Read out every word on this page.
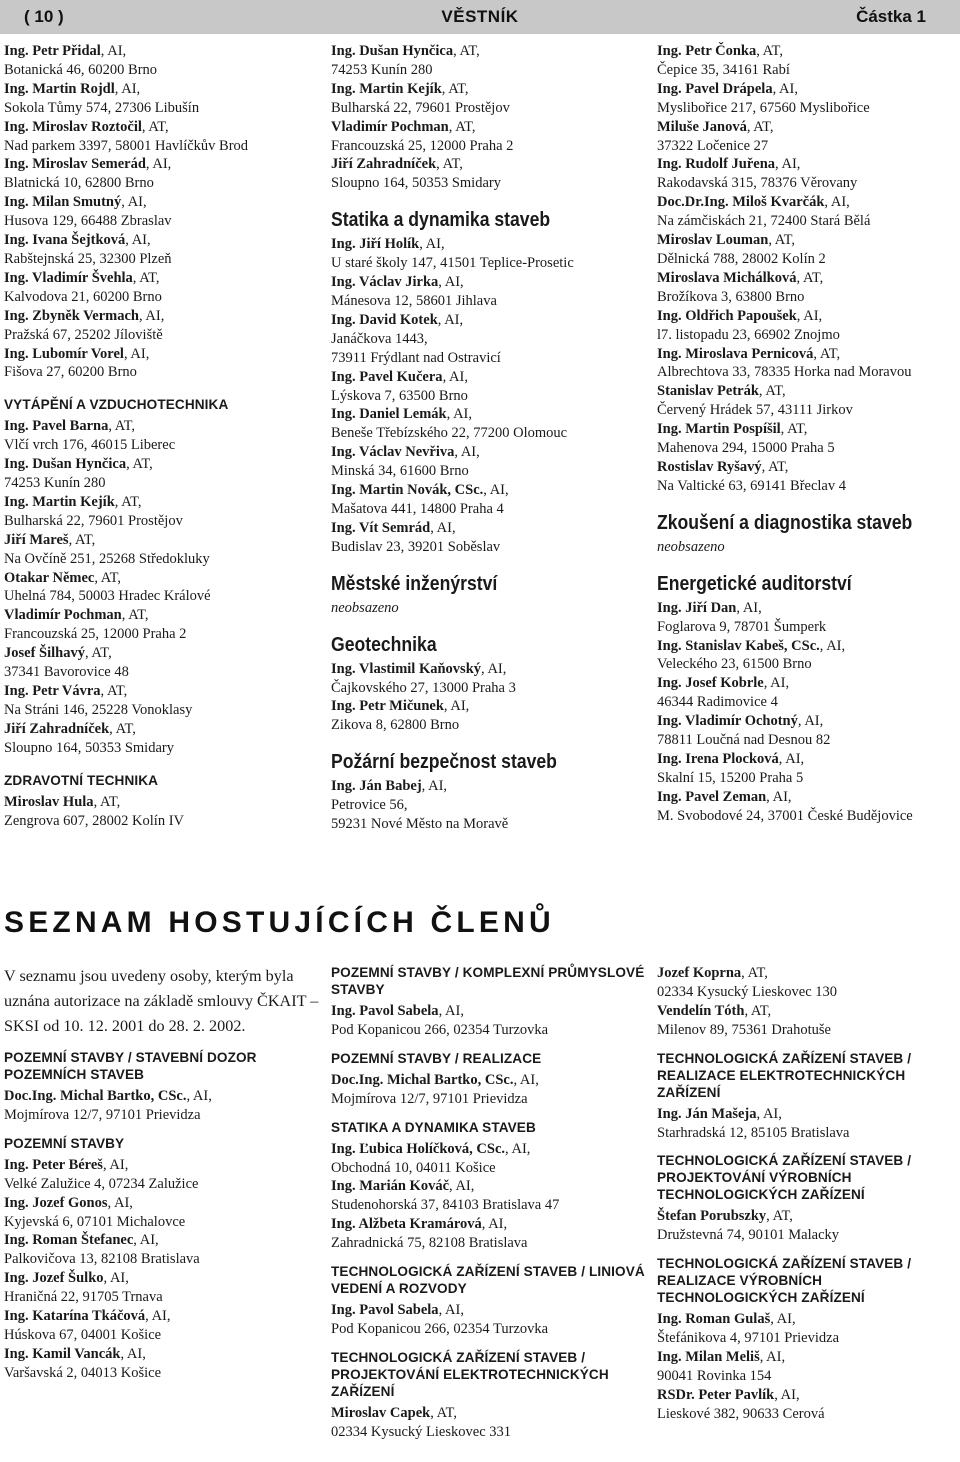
( 10 )	VĚSTNÍK	Částka 1
Ing. Petr Přidal, AI,
Botanická 46, 60200 Brno
Ing. Martin Rojdl, AI,
Sokola Tůmy 574, 27306 Libušín
Ing. Miroslav Roztočil, AT,
Nad parkem 3397, 58001 Havlíčkův Brod
Ing. Miroslav Semerád, AI,
Blatnická 10, 62800 Brno
Ing. Milan Smutný, AI,
Husova 129, 66488 Zbraslav
Ing. Ivana Šejtková, AI,
Rabštejnská 25, 32300 Plzeň
Ing. Vladimír Švehla, AT,
Kalvodova 21, 60200 Brno
Ing. Zbyněk Vermach, AI,
Pražská 67, 25202 Jíloviště
Ing. Lubomír Vorel, AI,
Fišova 27, 60200 Brno
VYTÁPĚNÍ A VZDUCHOTECHNIKA
Ing. Pavel Barna, AT,
Vlčí vrch 176, 46015 Liberec
Ing. Dušan Hynčica, AT,
74253 Kunín 280
Ing. Martin Kejík, AT,
Bulharská 22, 79601 Prostějov
Jiří Mareš, AT,
Na Ovčíně 251, 25268 Středokluky
Otakar Němec, AT,
Uhelná 784, 50003 Hradec Králové
Vladimír Pochman, AT,
Francouzská 25, 12000 Praha 2
Josef Šilhavý, AT,
37341 Bavorovice 48
Ing. Petr Vávra, AT,
Na Stráni 146, 25228 Vonoklasy
Jiří Zahradníček, AT,
Sloupno 164, 50353 Smidary
ZDRAVOTNÍ TECHNIKA
Miroslav Hula, AT,
Zengrova 607, 28002 Kolín IV
Ing. Dušan Hynčica, AT,
74253 Kunín 280
Ing. Martin Kejík, AT,
Bulharská 22, 79601 Prostějov
Vladimír Pochman, AT,
Francouzská 25, 12000 Praha 2
Jiří Zahradníček, AT,
Sloupno 164, 50353 Smidary
Statika a dynamika staveb
Ing. Jiří Holík, AI,
U staré školy 147, 41501 Teplice-Prosetic
Ing. Václav Jirka, AI,
Mánesova 12, 58601 Jihlava
Ing. David Kotek, AI,
Janáčkova 1443,
73911 Frýdlant nad Ostravicí
Ing. Pavel Kučera, AI,
Lýskova 7, 63500 Brno
Ing. Daniel Lemák, AI,
Beneše Třebízského 22, 77200 Olomouc
Ing. Václav Nevřiva, AI,
Minská 34, 61600 Brno
Ing. Martin Novák, CSc., AI,
Mašatova 441, 14800 Praha 4
Ing. Vít Semrád, AI,
Budislav 23, 39201 Soběslav
Městské inženýrství
neobsazeno
Geotechnika
Ing. Vlastimil Kaňovský, AI,
Čajkovského 27, 13000 Praha 3
Ing. Petr Mičunek, AI,
Zikova 8, 62800 Brno
Požární bezpečnost staveb
Ing. Ján Babej, AI,
Petrovice 56,
59231 Nové Město na Moravě
Ing. Petr Čonka, AT,
Čepice 35, 34161 Rabí
Ing. Pavel Drápela, AI,
Myslibořice 217, 67560 Myslibořice
Miluše Janová, AT,
37322 Ločenice 27
Ing. Rudolf Juřena, AI,
Rakodavská 315, 78376 Věrovany
Doc.Dr.Ing. Miloš Kvarčák, AI,
Na zámčiskách 21, 72400 Stará Bělá
Miroslav Louman, AT,
Dělnická 788, 28002 Kolín 2
Miroslava Michálková, AT,
Brožíkova 3, 63800 Brno
Ing. Oldřich Papoušek, AI,
l7. listopadu 23, 66902 Znojmo
Ing. Miroslava Pernicová, AT,
Albrechtova 33, 78335 Horka nad Moravou
Stanislav Petrák, AT,
Červený Hrádek 57, 43111 Jirkov
Ing. Martin Pospíšil, AT,
Mahenova 294, 15000 Praha 5
Rostislav Ryšavý, AT,
Na Valtické 63, 69141 Břeclav 4
Zkoušení a diagnostika staveb
neobsazeno
Energetické auditorství
Ing. Jiří Dan, AI,
Foglarova 9, 78701 Šumperk
Ing. Stanislav Kabeš, CSc., AI,
Veleckého 23, 61500 Brno
Ing. Josef Kobrle, AI,
46344 Radimovice 4
Ing. Vladimír Ochotný, AI,
78811 Loučná nad Desnou 82
Ing. Irena Plocková, AI,
Skalní 15, 15200 Praha 5
Ing. Pavel Zeman, AI,
M. Svobodové 24, 37001 České Budějovice
SEZNAM HOSTUJÍCÍCH ČLENŮ
V seznamu jsou uvedeny osoby, kterým byla uznána autorizace na základě smlouvy ČKAIT – SKSI od 10. 12. 2001 do 28. 2. 2002.
POZEMNÍ STAVBY / STAVEBNÍ DOZOR POZEMNÍCH STAVEB
Doc.Ing. Michal Bartko, CSc., AI,
Mojmírova 12/7, 97101 Prievidza
POZEMNÍ STAVBY
Ing. Peter Béreš, AI,
Velké Zalužice 4, 07234 Zalužice
Ing. Jozef Gonos, AI,
Kyjevská 6, 07101 Michalovce
Ing. Roman Štefanec, AI,
Palkovičova 13, 82108 Bratislava
Ing. Jozef Šulko, AI,
Hraničná 22, 91705 Trnava
Ing. Katarína Tkáčová, AI,
Húskova 67, 04001 Košice
Ing. Kamil Vancák, AI,
Varšavská 2, 04013 Košice
POZEMNÍ STAVBY / KOMPLEXNÍ PRŮMYSLOVÉ STAVBY
Ing. Pavol Sabela, AI,
Pod Kopanicou 266, 02354 Turzovka
POZEMNÍ STAVBY / REALIZACE
Doc.Ing. Michal Bartko, CSc., AI,
Mojmírova 12/7, 97101 Prievidza
STATIKA A DYNAMIKA STAVEB
Ing. Ľubica Holíčková, CSc., AI,
Obchodná 10, 04011 Košice
Ing. Marián Kováč, AI,
Studenohorská 37, 84103 Bratislava 47
Ing. Alžbeta Kramárová, AI,
Zahradnická 75, 82108 Bratislava
TECHNOLOGICKÁ ZAŘÍZENÍ STAVEB / LINIOVÁ VEDENÍ A ROZVODY
Ing. Pavol Sabela, AI,
Pod Kopanicou 266, 02354 Turzovka
TECHNOLOGICKÁ ZAŘÍZENÍ STAVEB / PROJEKTOVÁNÍ ELEKTROTECHNICKÝCH ZAŘÍZENÍ
Miroslav Capek, AT,
02334 Kysucký Lieskovec 331
Jozef Koprna, AT,
02334 Kysucký Lieskovec 130
Vendelín Tóth, AT,
Milenov 89, 75361 Drahotuše
TECHNOLOGICKÁ ZAŘÍZENÍ STAVEB / REALIZACE ELEKTROTECHNICKÝCH ZAŘÍZENÍ
Ing. Ján Mašeja, AI,
Starhradská 12, 85105 Bratislava
TECHNOLOGICKÁ ZAŘÍZENÍ STAVEB / PROJEKTOVÁNÍ VÝROBNÍCH TECHNOLOGICKÝCH ZAŘÍZENÍ
Štefan Porubszky, AT,
Družstevná 74, 90101 Malacky
TECHNOLOGICKÁ ZAŘÍZENÍ STAVEB / REALIZACE VÝROBNÍCH TECHNOLOGICKÝCH ZAŘÍZENÍ
Ing. Roman Gulaš, AI,
Štefánikova 4, 97101 Prievidza
Ing. Milan Meliš, AI,
90041 Rovinka 154
RSDr. Peter Pavlík, AI,
Lieskové 382, 90633 Cerová
